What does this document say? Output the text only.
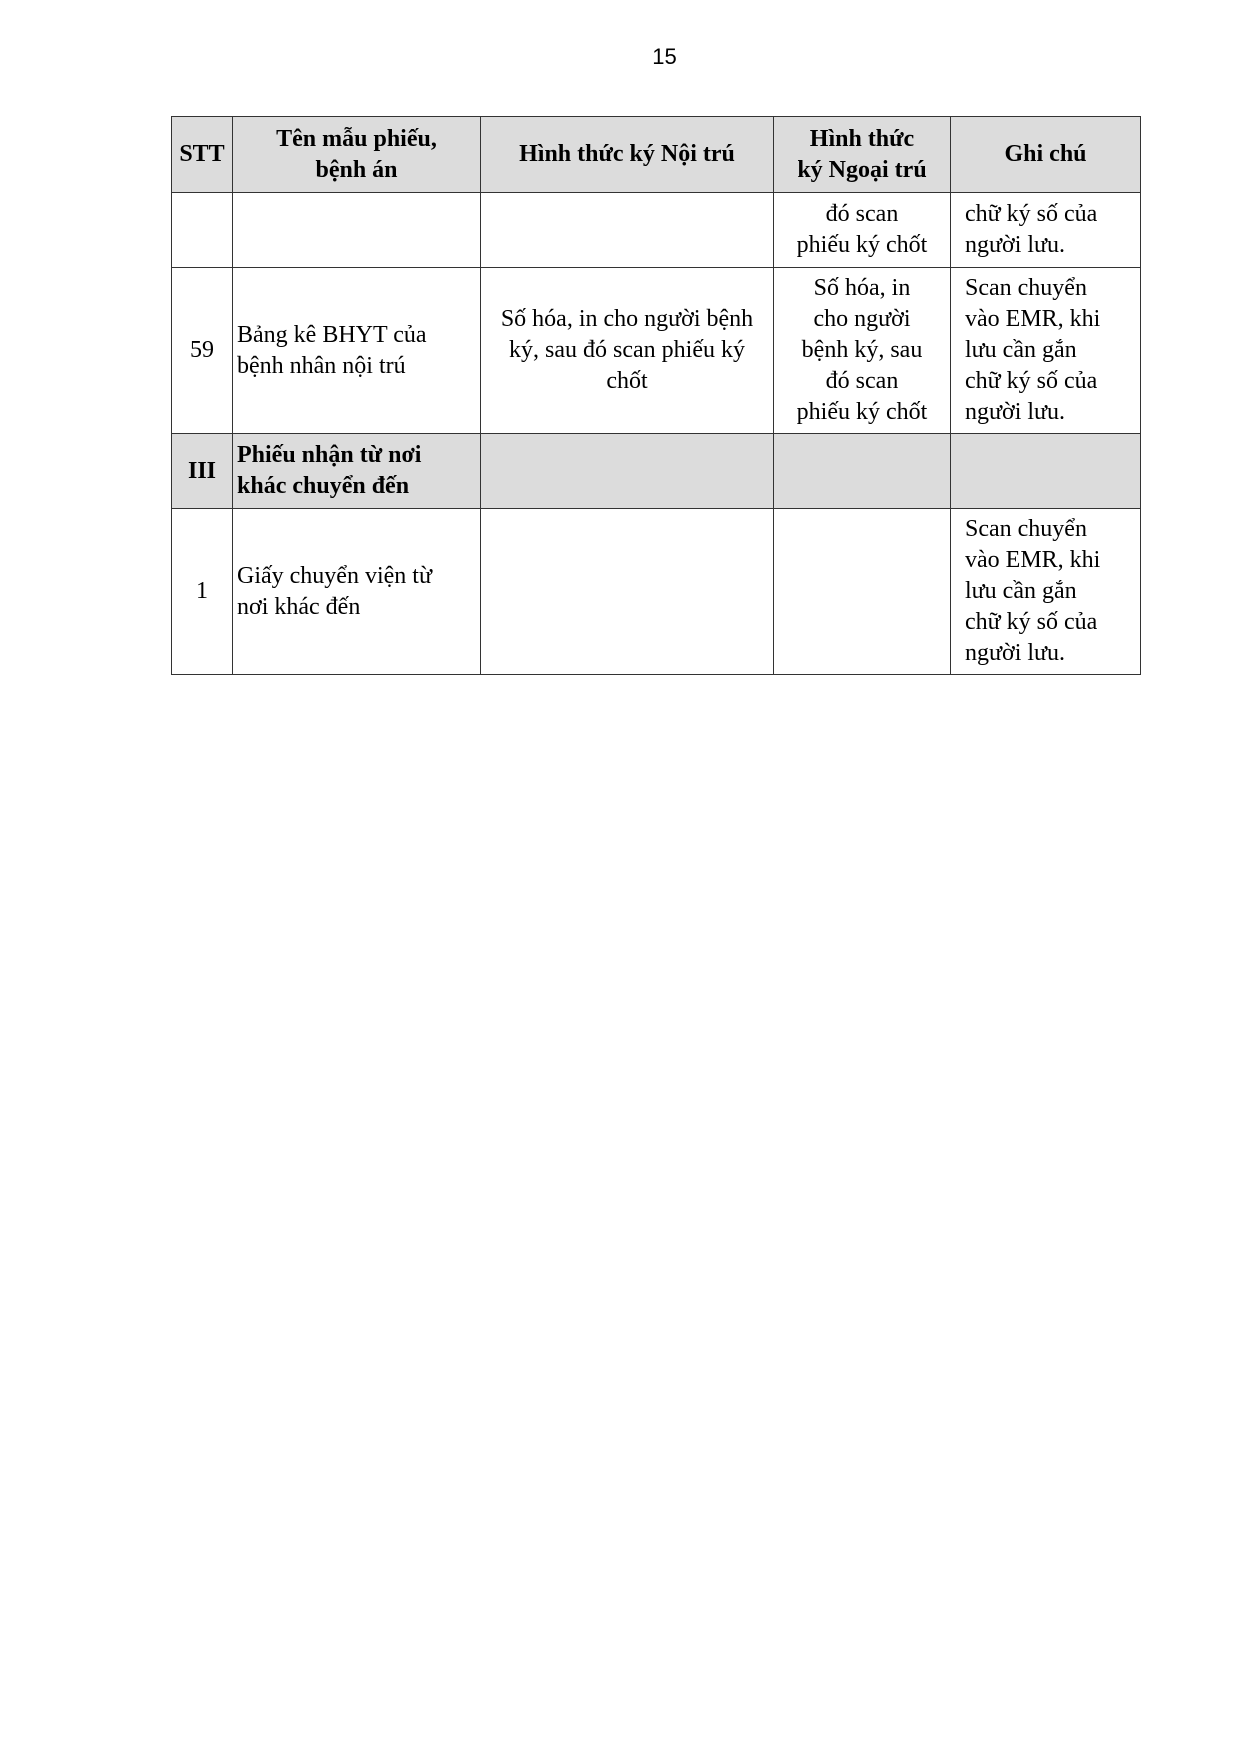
15
STT	Tên mẫu phiếu,
bệnh án	Hình thức ký Nội trú	Hình thức
ký Ngoại trú	Ghi chú
			đó scan
phiếu ký chốt	chữ ký số của
người lưu.
59	Bảng kê BHYT của
bệnh nhân nội trú	Số hóa, in cho người bệnh
ký, sau đó scan phiếu ký
chốt	Số hóa, in
cho người
bệnh ký, sau
đó scan
phiếu ký chốt	Scan chuyển
vào EMR, khi
lưu cần gắn
chữ ký số của
người lưu.
III	Phiếu nhận từ nơi
khác chuyển đến			
1	Giấy chuyển viện từ
nơi khác đến			Scan chuyển
vào EMR, khi
lưu cần gắn
chữ ký số của
người lưu.
